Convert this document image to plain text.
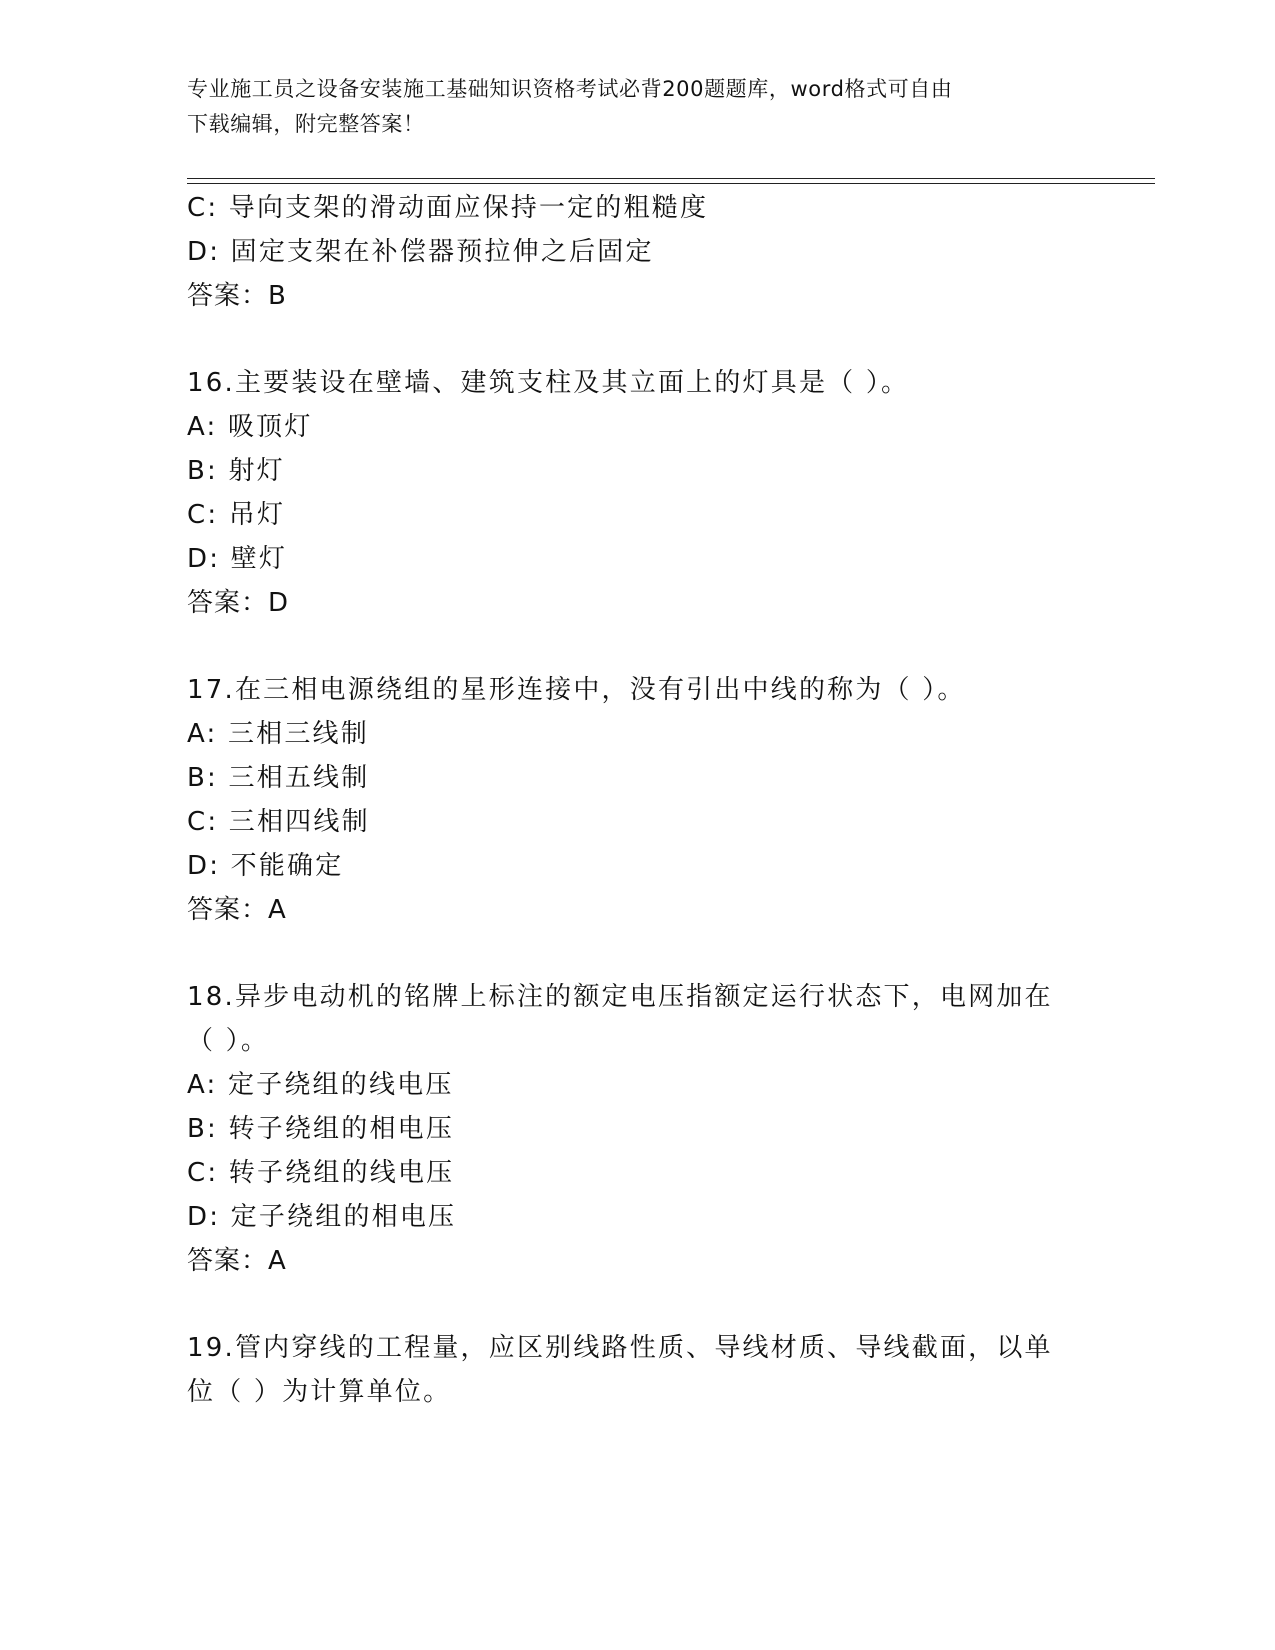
专业施工员之设备安装施工基础知识资格考试必背200题题库，word格式可自由
下载编辑，附完整答案！
C: 导向支架的滑动面应保持一定的粗糙度
D: 固定支架在补偿器预拉伸之后固定
答案：B
16.主要装设在壁墙、建筑支柱及其立面上的灯具是（ ）。
A: 吸顶灯
B: 射灯
C: 吊灯
D: 壁灯
答案：D
17.在三相电源绕组的星形连接中，没有引出中线的称为（ ）。
A: 三相三线制
B: 三相五线制
C: 三相四线制
D: 不能确定
答案：A
18.异步电动机的铭牌上标注的额定电压指额定运行状态下，电网加在
（ ）。
A: 定子绕组的线电压
B: 转子绕组的相电压
C: 转子绕组的线电压
D: 定子绕组的相电压
答案：A
19.管内穿线的工程量，应区别线路性质、导线材质、导线截面，以单
位（ ）为计算单位。
